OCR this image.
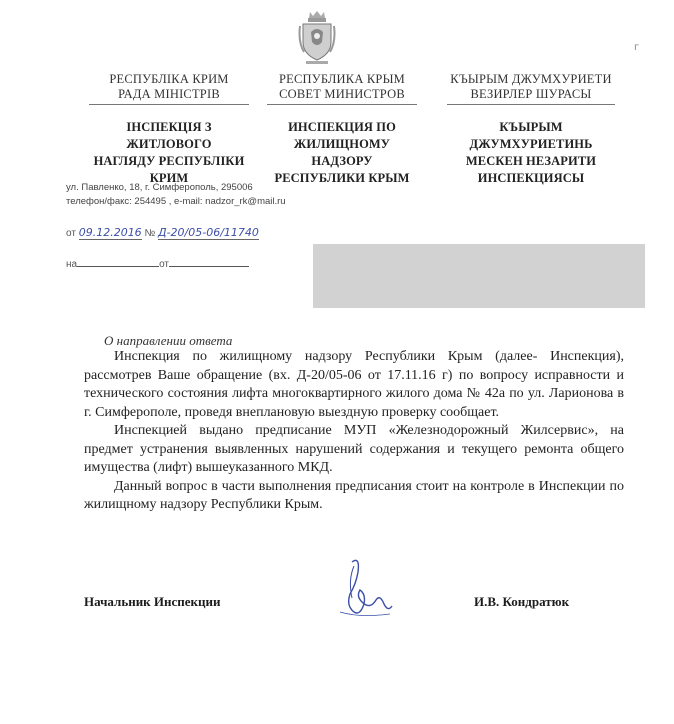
г
РЕСПУБЛІКА КРИМ
РАДА МІНІСТРІВ
ІНСПЕКЦІЯ З ЖИТЛОВОГО
НАГЛЯДУ РЕСПУБЛІКИ
КРИМ
РЕСПУБЛИКА КРЫМ
СОВЕТ МИНИСТРОВ
ИНСПЕКЦИЯ ПО
ЖИЛИЩНОМУ НАДЗОРУ
РЕСПУБЛИКИ КРЫМ
КЪЫРЫМ ДЖУМХУРИЕТИ
ВЕЗИРЛЕР ШУРАСЫ
КЪЫРЫМ ДЖУМХУРИЕТИНЬ
МЕСКЕН НЕЗАРИТИ
ИНСПЕКЦИЯСЫ
ул. Павленко, 18, г. Симферополь, 295006
телефон/факс: 254495 , e-mail: nadzor_rk@mail.ru
от 09.12.2016 № Д-20/05-06/11740
на	от
О направлении ответа

Инспекция по жилищному надзору Республики Крым (далее- Инспекция), рассмотрев Ваше обращение (вх. Д-20/05-06 от 17.11.16 г) по вопросу исправности и технического состояния лифта многоквартирного жилого дома № 42а по ул. Ларионова в г. Симферополе, проведя внеплановую выездную проверку сообщает.

Инспекцией выдано предписание МУП «Железнодорожный Жилсервис», на предмет устранения выявленных нарушений содержания и текущего ремонта общего имущества (лифт) вышеуказанного МКД.

Данный вопрос в части выполнения предписания стоит на контроле в Инспекции по жилищному надзору Республики Крым.

Начальник Инспекции	И.В. Кондратюк
